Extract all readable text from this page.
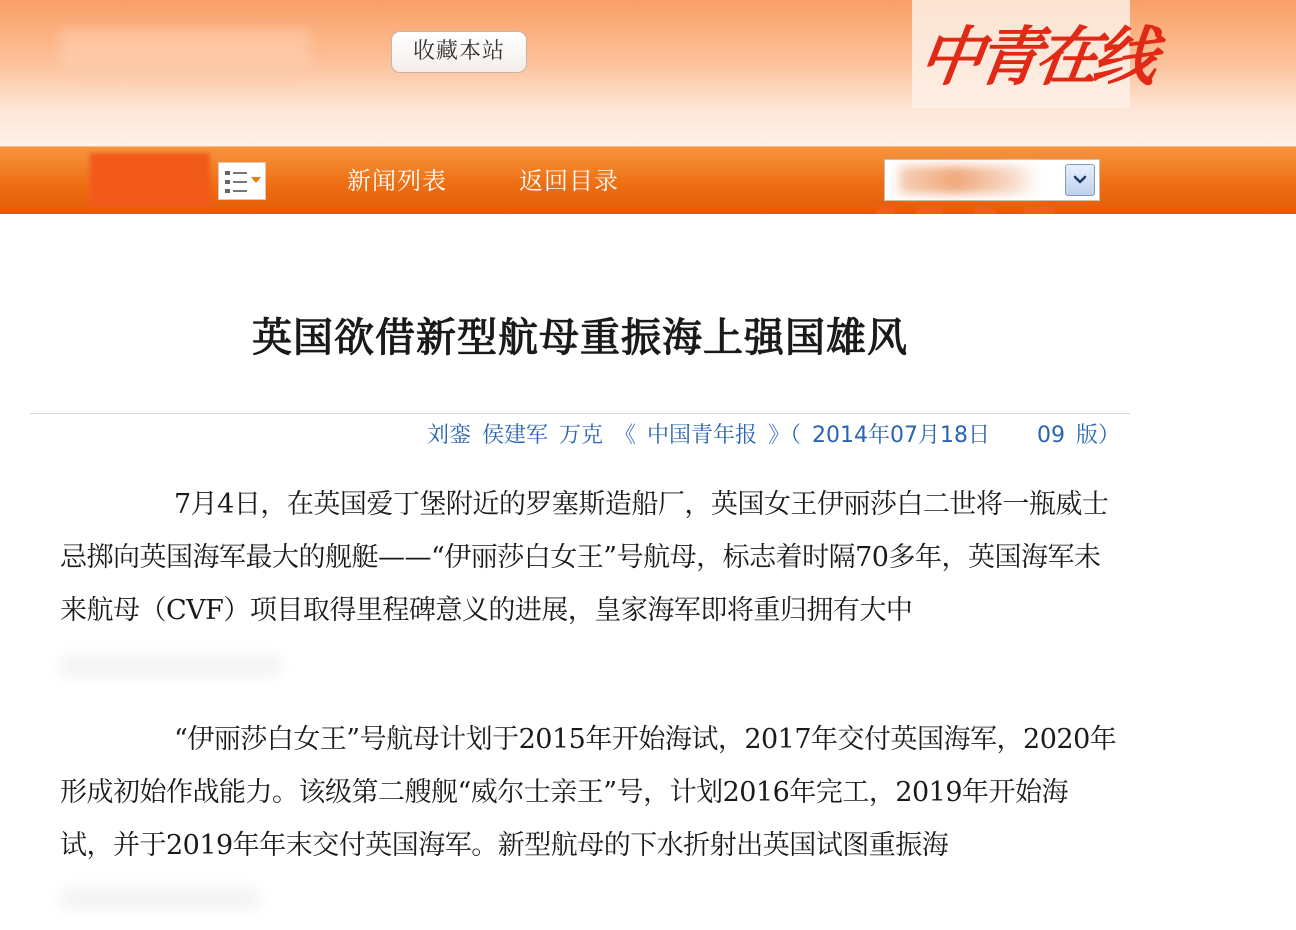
收藏本站	中青在线
新闻列表	返回目录
英国欲借新型航母重振海上强国雄风
刘銮 侯建军 万克 《 中国青年报 》（ 2014年07月18日 09 版）

7月4日，在英国爱丁堡附近的罗塞斯造船厂，英国女王伊丽莎白二世将一瓶威士忌掷向英国海军最大的舰艇——“伊丽莎白女王”号航母，标志着时隔70多年，英国海军未来航母（CVF）项目取得里程碑意义的进展，皇家海军即将重归拥有大中

“伊丽莎白女王”号航母计划于2015年开始海试，2017年交付英国海军，2020年形成初始作战能力。该级第二艘舰“威尔士亲王”号，计划2016年完工，2019年开始海试，并于2019年年末交付英国海军。新型航母的下水折射出英国试图重振海
